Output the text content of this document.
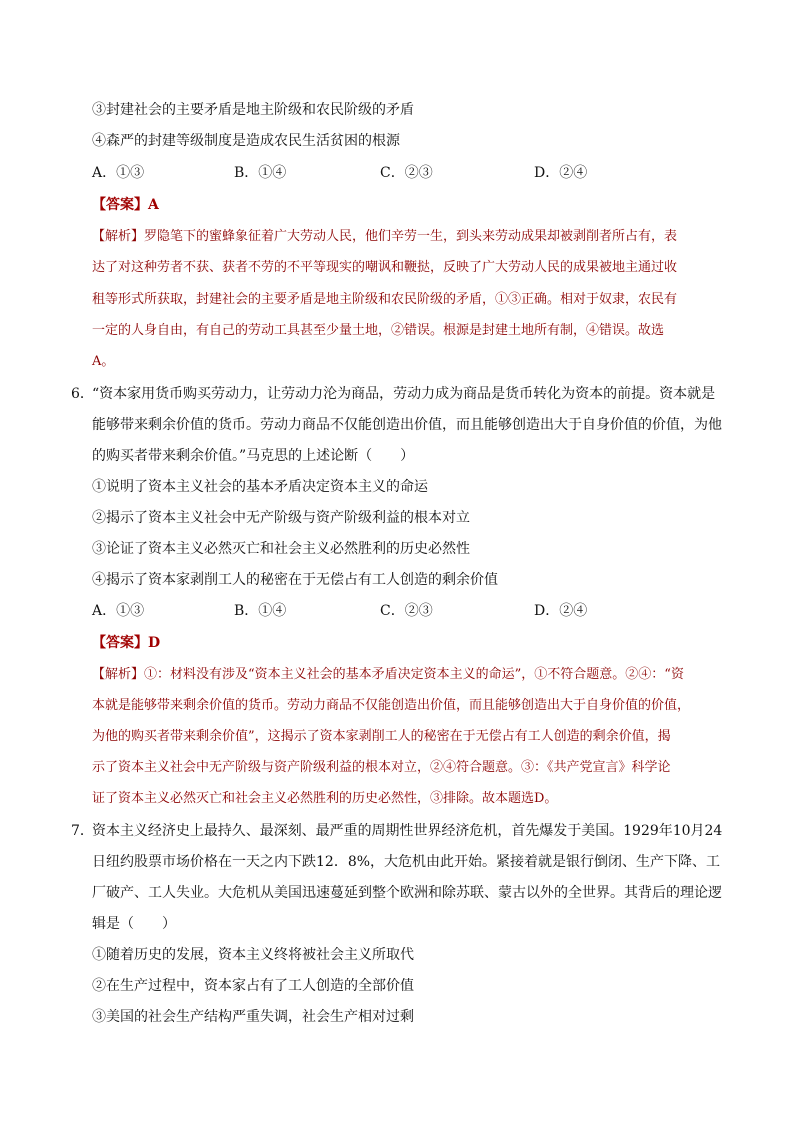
③封建社会的主要矛盾是地主阶级和农民阶级的矛盾
④森严的封建等级制度是造成农民生活贫困的根源
A．①③	B．①④	C．②③	D．②④
【答案】A
【解析】罗隐笔下的蜜蜂象征着广大劳动人民，他们辛劳一生，到头来劳动成果却被剥削者所占有，表
达了对这种劳者不获、获者不劳的不平等现实的嘲讽和鞭挞，反映了广大劳动人民的成果被地主通过收
租等形式所获取，封建社会的主要矛盾是地主阶级和农民阶级的矛盾，①③正确。相对于奴隶，农民有
一定的人身自由，有自己的劳动工具甚至少量土地，②错误。根源是封建土地所有制，④错误。故选
A。
6．
“资本家用货币购买劳动力，让劳动力沦为商品，劳动力成为商品是货币转化为资本的前提。资本就是
能够带来剩余价值的货币。劳动力商品不仅能创造出价值，而且能够创造出大于自身价值的价值，为他
的购买者带来剩余价值。”马克思的上述论断（　　）
①说明了资本主义社会的基本矛盾决定资本主义的命运
②揭示了资本主义社会中无产阶级与资产阶级利益的根本对立
③论证了资本主义必然灭亡和社会主义必然胜利的历史必然性
④揭示了资本家剥削工人的秘密在于无偿占有工人创造的剩余价值
A．①③	B．①④	C．②③	D．②④
【答案】D
【解析】①：材料没有涉及“资本主义社会的基本矛盾决定资本主义的命运”，①不符合题意。②④：“资
本就是能够带来剩余价值的货币。劳动力商品不仅能创造出价值，而且能够创造出大于自身价值的价值，
为他的购买者带来剩余价值”，这揭示了资本家剥削工人的秘密在于无偿占有工人创造的剩余价值，揭
示了资本主义社会中无产阶级与资产阶级利益的根本对立，②④符合题意。③：《共产党宣言》科学论
证了资本主义必然灭亡和社会主义必然胜利的历史必然性，③排除。故本题选D。
7．
资本主义经济史上最持久、最深刻、最严重的周期性世界经济危机，首先爆发于美国。1929年10月24
日纽约股票市场价格在一天之内下跌12．8%，大危机由此开始。紧接着就是银行倒闭、生产下降、工
厂破产、工人失业。大危机从美国迅速蔓延到整个欧洲和除苏联、蒙古以外的全世界。其背后的理论逻
辑是（　　）
①随着历史的发展，资本主义终将被社会主义所取代
②在生产过程中，资本家占有了工人创造的全部价值
③美国的社会生产结构严重失调，社会生产相对过剩
